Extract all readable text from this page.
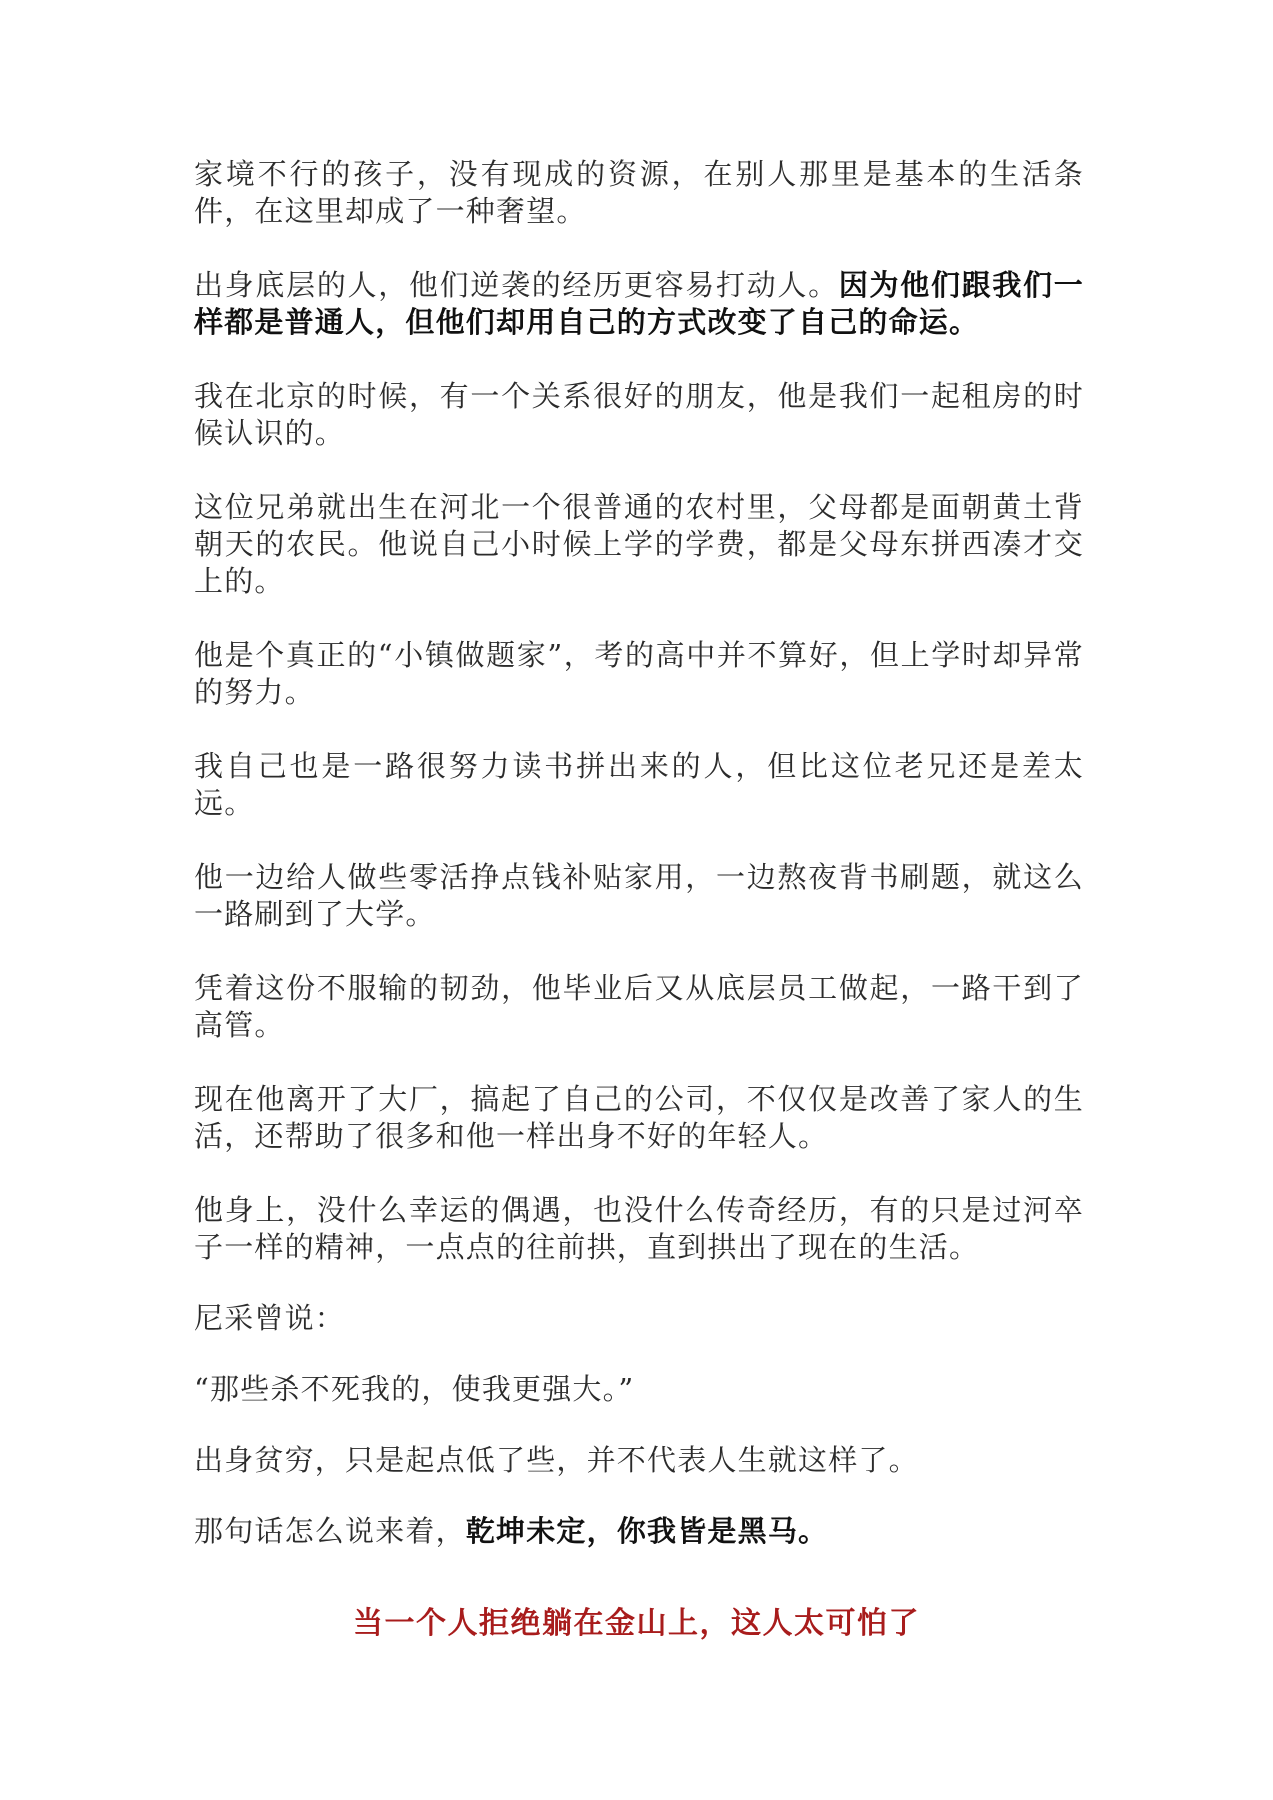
家境不行的孩子，没有现成的资源，在别人那里是基本的生活条件，在这里却成了一种奢望。

出身底层的人，他们逆袭的经历更容易打动人。因为他们跟我们一样都是普通人，但他们却用自己的方式改变了自己的命运。

我在北京的时候，有一个关系很好的朋友，他是我们一起租房的时候认识的。

这位兄弟就出生在河北一个很普通的农村里，父母都是面朝黄土背朝天的农民。他说自己小时候上学的学费，都是父母东拼西凑才交上的。

他是个真正的“小镇做题家”，考的高中并不算好，但上学时却异常的努力。

我自己也是一路很努力读书拼出来的人，但比这位老兄还是差太远。

他一边给人做些零活挣点钱补贴家用，一边熬夜背书刷题，就这么一路刷到了大学。

凭着这份不服输的韧劲，他毕业后又从底层员工做起，一路干到了高管。

现在他离开了大厂，搞起了自己的公司，不仅仅是改善了家人的生活，还帮助了很多和他一样出身不好的年轻人。

他身上，没什么幸运的偶遇，也没什么传奇经历，有的只是过河卒子一样的精神，一点点的往前拱，直到拱出了现在的生活。

尼采曾说：

“那些杀不死我的，使我更强大。”

出身贫穷，只是起点低了些，并不代表人生就这样了。

那句话怎么说来着，乾坤未定，你我皆是黑马。

当一个人拒绝躺在金山上，这人太可怕了
